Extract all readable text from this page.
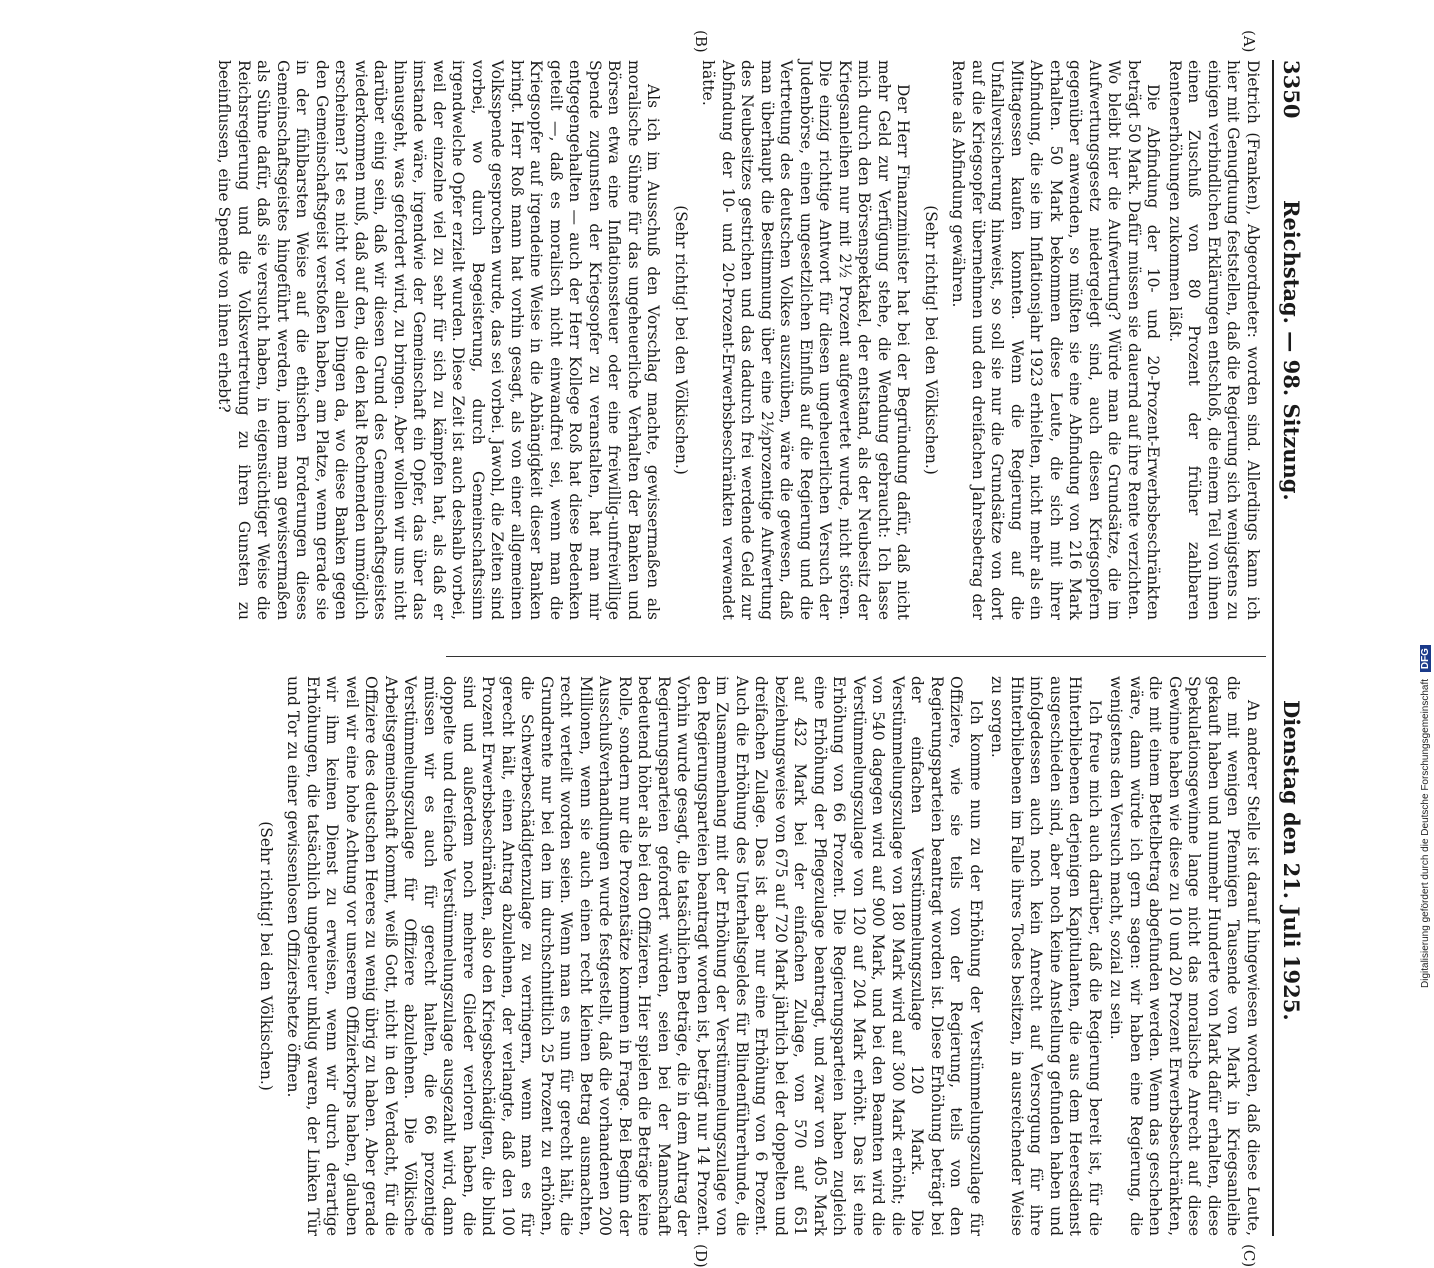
3350
Reichstag. — 98. Sitzung.
Dienstag den 21. Juli 1925.
(A)
(B)
(C)
(D)

Dietrich (Franken), Abgeordneter: worden sind. Allerdings kann ich hier mit Genugtuung feststellen, daß die Regierung sich wenigstens zu einigen verbindlichen Erklärungen entschloß, die einem Teil von ihnen einen Zuschuß von 80 Prozent der früher zahlbaren Rentenerhöhungen zukommen läßt.

Die Abfindung der 10- und 20-Prozent-Erwerbsbeschränkten beträgt 50 Mark. Dafür müssen sie dauernd auf ihre Rente verzichten. Wo bleibt hier die Aufwertung? Würde man die Grundsätze, die im Aufwertungsgesetz niedergelegt sind, auch diesen Kriegsopfern gegenüber anwenden, so müßten sie eine Abfindung von 216 Mark erhalten. 50 Mark bekommen diese Leute, die sich mit ihrer Abfindung, die sie im Inflationsjahr 1923 erhielten, nicht mehr als ein Mittagessen kaufen konnten. Wenn die Regierung auf die Unfallversicherung hinweist, so soll sie nur die Grundsätze von dort auf die Kriegsopfer übernehmen und den dreifachen Jahresbetrag der Rente als Abfindung gewähren.

(Sehr richtig! bei den Völkischen.)

Der Herr Finanzminister hat bei der Begründung dafür, daß nicht mehr Geld zur Verfügung stehe, die Wendung gebraucht: Ich lasse mich durch den Börsenspektakel, der entstand, als der Neubesitz der Kriegsanleihen nur mit 2½ Prozent aufgewertet wurde, nicht stören. Die einzig richtige Antwort für diesen ungeheuerlichen Versuch der Judenbörse, einen ungesetzlichen Einfluß auf die Regierung und die Vertretung des deutschen Volkes auszuüben, wäre die gewesen, daß man überhaupt die Bestimmung über eine 2½prozentige Aufwertung des Neubesitzes gestrichen und das dadurch frei werdende Geld zur Abfindung der 10- und 20-Prozent-Erwerbsbeschränkten verwendet hätte.

(Sehr richtig! bei den Völkischen.)

Als ich im Ausschuß den Vorschlag machte, gewissermaßen als moralische Sühne für das ungeheuerliche Verhalten der Banken und Börsen etwa eine Inflationssteuer oder eine freiwillig-unfreiwillige Spende zugunsten der Kriegsopfer zu veranstalten, hat man mir entgegengehalten — auch der Herr Kollege Roß hat diese Bedenken geteilt —, daß es moralisch nicht einwandfrei sei, wenn man die Kriegsopfer auf irgendeine Weise in die Abhängigkeit dieser Banken bringt. Herr Roß mann hat vorhin gesagt, als von einer allgemeinen Volksspende gesprochen wurde, das sei vorbei. Jawohl, die Zeiten sind vorbei, wo durch Begeisterung, durch Gemeinschaftssinn irgendwelche Opfer erzielt wurden. Diese Zeit ist auch deshalb vorbei, weil der einzelne viel zu sehr für sich zu kämpfen hat, als daß er imstande wäre, irgendwie der Gemeinschaft ein Opfer, das über das hinausgeht, was gefordert wird, zu bringen. Aber wollen wir uns nicht darüber einig sein, daß wir diesen Grund des Gemeinschaftsgeistes wiederkommen muß, daß auf den, die den kalt Rechnenden unmöglich erscheinen? Ist es nicht vor allen Dingen da, wo diese Banken gegen den Gemeinschaftsgeist verstoßen haben, am Platze, wenn gerade sie in der fühlbarsten Weise auf die ethischen Forderungen dieses Gemeinschaftsgeistes hingeführt werden, indem man gewissermaßen als Sühne dafür, daß sie versucht haben, in eigensüchtiger Weise die Reichsregierung und die Volksvertretung zu ihren Gunsten zu beeinflussen, eine Spende von ihnen erhebt?

An anderer Stelle ist darauf hingewiesen worden, daß diese Leute, die mit wenigen Pfennigen Tausende von Mark in Kriegsanleihe gekauft haben und nunmehr Hunderte von Mark dafür erhalten, diese Spekulationsgewinne lange nicht das moralische Anrecht auf diese Gewinne haben wie diese zu 10 und 20 Prozent Erwerbsbeschränkten, die mit einem Bettelbetrag abgefunden werden. Wenn das geschehen wäre, dann würde ich gern sagen: wir haben eine Regierung, die wenigstens den Versuch macht, sozial zu sein.

Ich freue mich auch darüber, daß die Regierung bereit ist, für die Hinterbliebenen derjenigen Kapitulanten, die aus dem Heeresdienst ausgeschieden sind, aber noch keine Anstellung gefunden haben und infolgedessen auch noch kein Anrecht auf Versorgung für ihre Hinterbliebenen im Falle ihres Todes besitzen, in ausreichender Weise zu sorgen.

Ich komme nun zu der Erhöhung der Verstümmelungszulage für Offiziere, wie sie teils von der Regierung, teils von den Regierungsparteien beantragt worden ist. Diese Erhöhung beträgt bei der einfachen Verstümmelungszulage 120 Mark. Die Verstümmelungszulage von 180 Mark wird auf 300 Mark erhöht; die von 540 dagegen wird auf 900 Mark, und bei den Beamten wird die Verstümmelungszulage von 120 auf 204 Mark erhöht. Das ist eine Erhöhung von 66 Prozent. Die Regierungsparteien haben zugleich eine Erhöhung der Pflegezulage beantragt, und zwar von 405 Mark auf 432 Mark bei der einfachen Zulage, von 570 auf 651 beziehungsweise von 675 auf 720 Mark jährlich bei der doppelten und dreifachen Zulage. Das ist aber nur eine Erhöhung von 6 Prozent. Auch die Erhöhung des Unterhaltsgeldes für Blindenführerhunde, die im Zusammenhang mit der Erhöhung der Verstümmelungszulage von den Regierungsparteien beantragt worden ist, beträgt nur 14 Prozent. Vorhin wurde gesagt, die tatsächlichen Beträge, die in dem Antrag der Regierungsparteien gefordert würden, seien bei der Mannschaft bedeutend höher als bei den Offizieren. Hier spielen die Beträge keine Rolle, sondern nur die Prozentsätze kommen in Frage. Bei Beginn der Ausschußverhandlungen wurde festgestellt, daß die vorhandenen 200 Millionen, wenn sie auch einen recht kleinen Betrag ausmachten, recht verteilt worden seien. Wenn man es nun für gerecht hält, die Grundrente nur bei den im durchschnittlich 25 Prozent zu erhöhen, die Schwerbeschädigtenzulage zu verringern, wenn man es für gerecht hält, einen Antrag abzulehnen, der verlangte, daß den 100 Prozent Erwerbsbeschränkten, also den Kriegsbeschädigten, die blind sind und außerdem noch mehrere Glieder verloren haben, die doppelte und dreifache Verstümmelungszulage ausgezahlt wird, dann müssen wir es auch für gerecht halten, die 66 prozentige Verstümmelungszulage für Offiziere abzulehnen. Die Völkische Arbeitsgemeinschaft kommt, weiß Gott, nicht in den Verdacht, für die Offiziere des deutschen Heeres zu wenig übrig zu haben. Aber gerade weil wir eine hohe Achtung vor unserem Offizierkorps haben, glauben wir ihm keinen Dienst zu erweisen, wenn wir durch derartige Erhöhungen, die tatsächlich ungeheuer unklug waren, der Linken Tür und Tor zu einer gewissenlosen Offiziershetze öffnen.

(Sehr richtig! bei den Völkischen.)	Digitalisierung gefördert durch die Deutsche Forschungsgemeinschaft DFG
